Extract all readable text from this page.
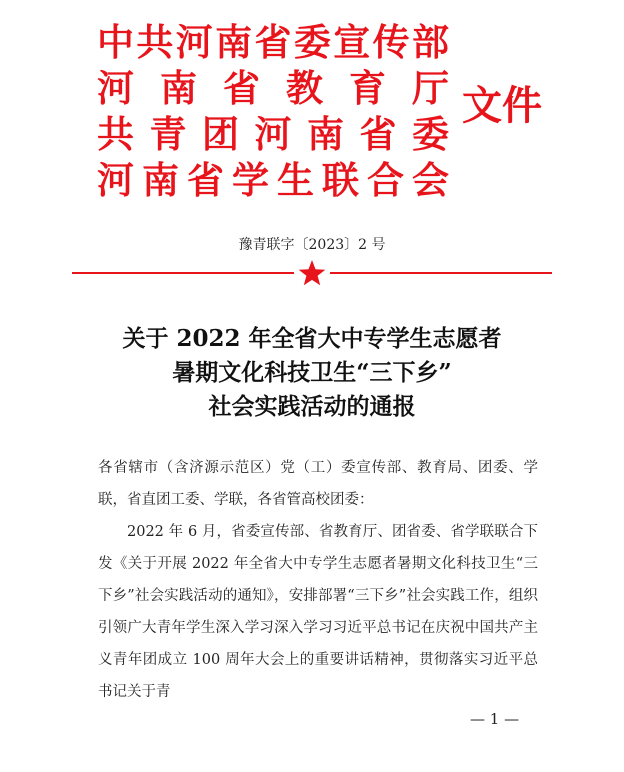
中 共 河 南 省 委 宣 传 部
河 南 省 教 育 厅
共 青 团 河 南 省 委
河 南 省 学 生 联 合 会
文件
豫青联字〔2023〕2 号
关于 2022 年全省大中专学生志愿者
暑期文化科技卫生“三下乡”
社会实践活动的通报
各省辖市（含济源示范区）党（工）委宣传部、教育局、团委、学联，省直团工委、学联，各省管高校团委：
2022 年 6 月，省委宣传部、省教育厅、团省委、省学联联合下发《关于开展 2022 年全省大中专学生志愿者暑期文化科技卫生“三下乡”社会实践活动的通知》，安排部署“三下乡”社会实践工作，组织引领广大青年学生深入学习深入学习习近平总书记在庆祝中国共产主义青年团成立 100 周年大会上的重要讲话精神，贯彻落实习近平总书记关于青
— 1 —
